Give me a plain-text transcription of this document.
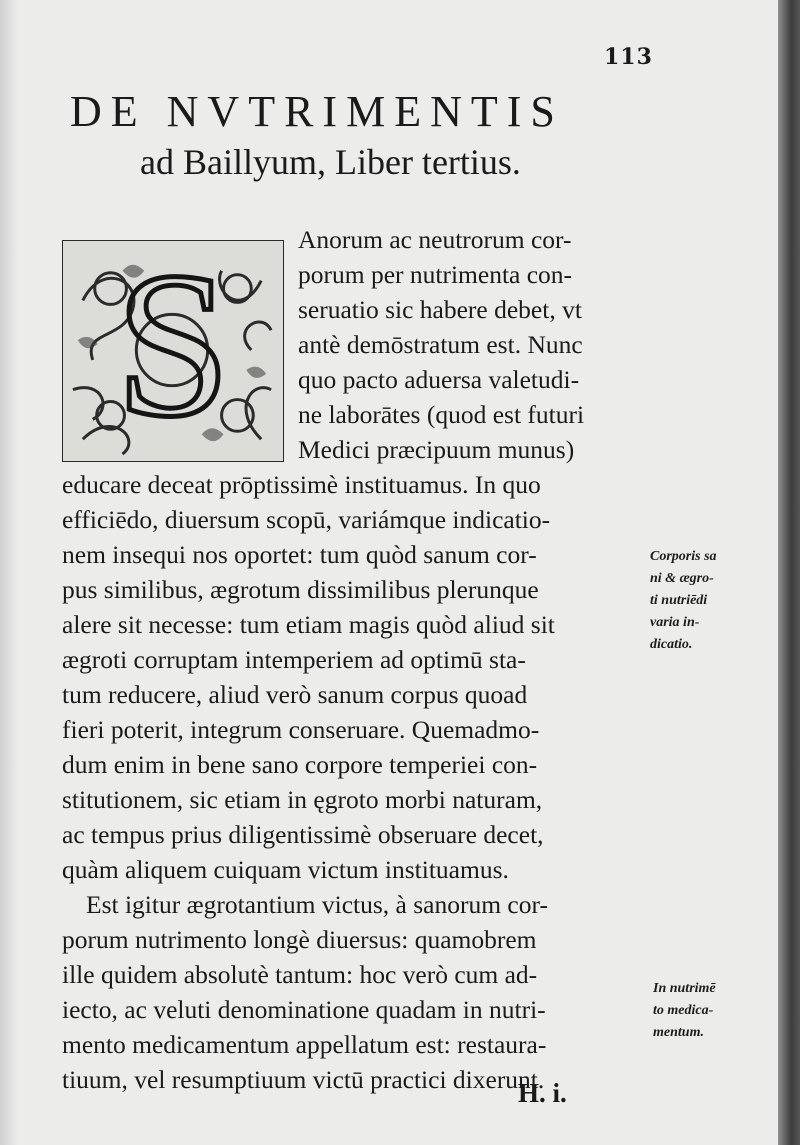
113
DE NVTRIMENTIS
ad Baillyum, Liber tertius.
S	Anorum ac neutrorum cor-
porum per nutrimenta con-
seruatio sic habere debet, vt
antè demōstratum est. Nunc
quo pacto aduersa valetudi-
ne laborātes (quod est futuri
Medici præcipuum munus)
educare deceat prōptissimè instituamus. In quo
efficiēdo, diuersum scopū, variámque indicatio-
nem insequi nos oportet: tum quòd sanum cor-
pus similibus, ægrotum dissimilibus plerunque
alere sit necesse: tum etiam magis quòd aliud sit
ægroti corruptam intemperiem ad optimū sta-
tum reducere, aliud verò sanum corpus quoad
fieri poterit, integrum conseruare. Quemadmo-
dum enim in bene sano corpore temperiei con-
stitutionem, sic etiam in ęgroto morbi naturam,
ac tempus prius diligentissimè obseruare decet,
quàm aliquem cuiquam victum instituamus.
Est igitur ægrotantium victus, à sanorum cor-
porum nutrimento longè diuersus: quamobrem
ille quidem absolutè tantum: hoc verò cum ad-
iecto, ac veluti denominatione quadam in nutri-
mento medicamentum appellatum est: restaura-
tiuum, vel resumptiuum victū practici dixerunt.
Corporis sa
ni & ægro-
ti nutriēdi
varia in-
dicatio.
In nutrimē
to medica-
mentum.
H. i.
